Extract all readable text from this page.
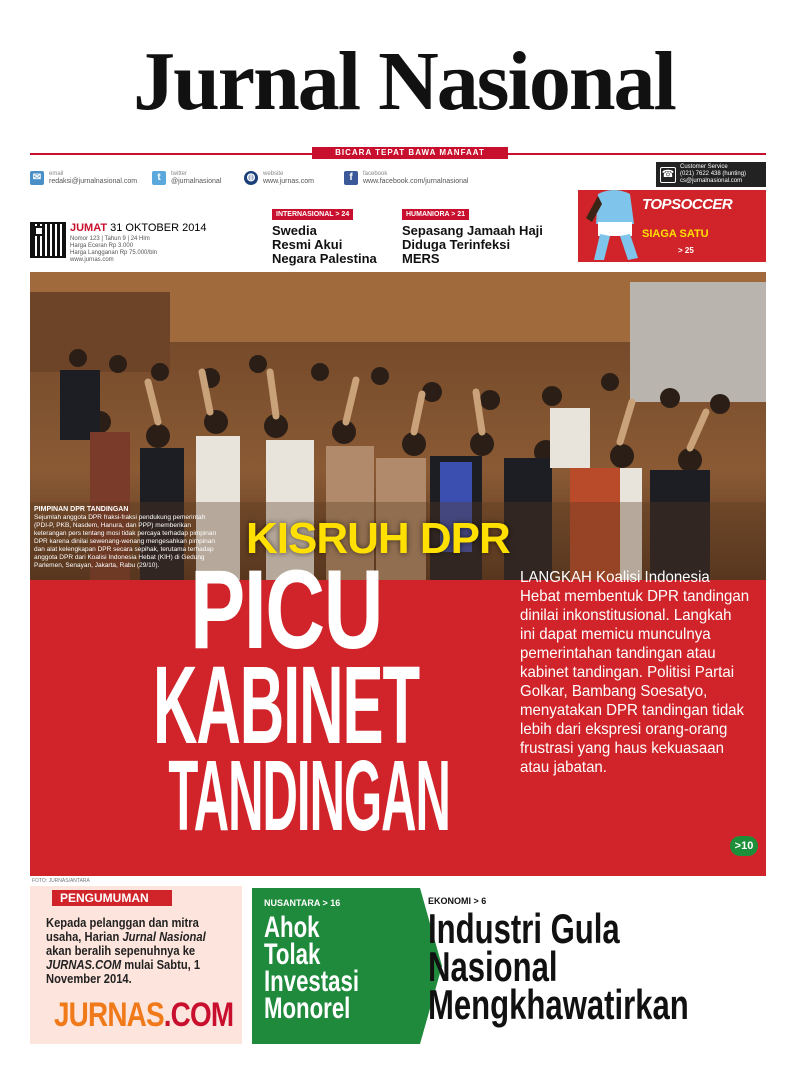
Jurnal Nasional
BICARA TEPAT BAWA MANFAAT
✉	email
redaksi@jurnalnasional.com	t	twitter
@jurnalnasional	◍	website
www.jurnas.com	f	facebook
www.facebook.com/jurnalnasional
☎
Customer Service
(021) 7622 438 (hunting)
cs@jurnalnasional.com
JUMAT 31 OKTOBER 2014
Nomor 123 | Tahun 9 | 24 Hlm
Harga Eceran Rp 3.000
Harga Langganan Rp 75.000/bln
www.jurnas.com
INTERNASIONAL > 24
Swedia
Resmi Akui
Negara Palestina
HUMANIORA > 21
Sepasang Jamaah Haji
Diduga Terinfeksi
MERS
TOPSOCCER
SIAGA SATU
> 25
PIMPINAN DPR TANDINGAN
Sejumlah anggota DPR fraksi-fraksi pendukung pemerintah (PDI-P, PKB, Nasdem, Hanura, dan PPP) memberikan keterangan pers tentang mosi tidak percaya terhadap pimpinan DPR karena dinilai sewenang-wenang mengesahkan pimpinan dan alat kelengkapan DPR secara sepihak, terutama terhadap anggota DPR dari Koalisi Indonesia Hebat (KIH) di Gedung Parlemen, Senayan, Jakarta, Rabu (29/10).
KISRUH DPR
PICU
KABINET
TANDINGAN
LANGKAH Koalisi Indonesia Hebat membentuk DPR tandingan dinilai inkonstitusional. Langkah ini dapat memicu munculnya pemerintahan tandingan atau kabinet tandingan. Politisi Partai Golkar, Bambang Soesatyo, menyatakan DPR tandingan tidak lebih dari ekspresi orang-orang frustrasi yang haus kekuasaan atau jabatan.
>10
FOTO: JURNAS/ANTARA
PENGUMUMAN
Kepada pelanggan dan mitra usaha, Harian Jurnal Nasional akan beralih sepenuhnya ke JURNAS.COM mulai Sabtu, 1 November 2014.
JURNAS.COM
NUSANTARA > 16
Ahok
Tolak
Investasi
Monorel
EKONOMI > 6
Industri Gula
Nasional
Mengkhawatirkan
